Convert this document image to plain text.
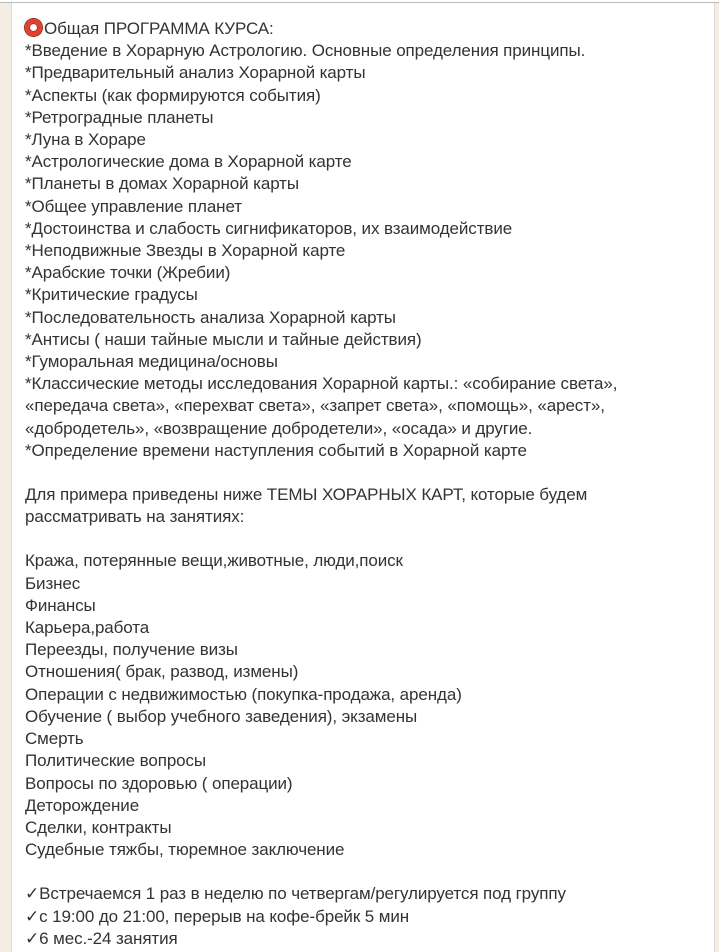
Общая ПРОГРАММА КУРСА:
*Введение в Хорарную Астрологию. Основные определения принципы.
*Предварительный анализ Хорарной карты
*Аспекты (как формируются события)
*Ретроградные планеты
*Луна в Хораре
*Астрологические дома в Хорарной карте
*Планеты в домах Хорарной карты
*Общее управление планет
*Достоинства и слабость сигнификаторов, их взаимодействие
*Неподвижные Звезды в Хорарной карте
*Арабские точки (Жребии)
*Критические градусы
*Последовательность анализа Хорарной карты
*Антисы ( наши тайные мысли и тайные действия)
*Гуморальная медицина/основы
*Классические методы исследования Хорарной карты.: «собирание света», «передача света», «перехват света», «запрет света», «помощь», «арест», «добродетель», «возвращение добродетели», «осада» и другие.
*Определение времени наступления событий в Хорарной карте
Для примера приведены ниже ТЕМЫ ХОРАРНЫХ КАРТ, которые будем рассматривать на занятиях:
Кража, потерянные вещи,животные, люди,поиск
Бизнес
Финансы
Карьера,работа
Переезды, получение визы
Отношения( брак, развод, измены)
Операции с недвижимостью (покупка-продажа, аренда)
Обучение ( выбор учебного заведения), экзамены
Смерть
Политические вопросы
Вопросы по здоровью ( операции)
Деторождение
Сделки, контракты
Судебные тяжбы, тюремное заключение
✓Встречаемся 1 раз в неделю по четвергам/регулируется под группу
✓с 19:00 до 21:00, перерыв на кофе-брейк 5 мин
✓6 мес.-24 занятия
